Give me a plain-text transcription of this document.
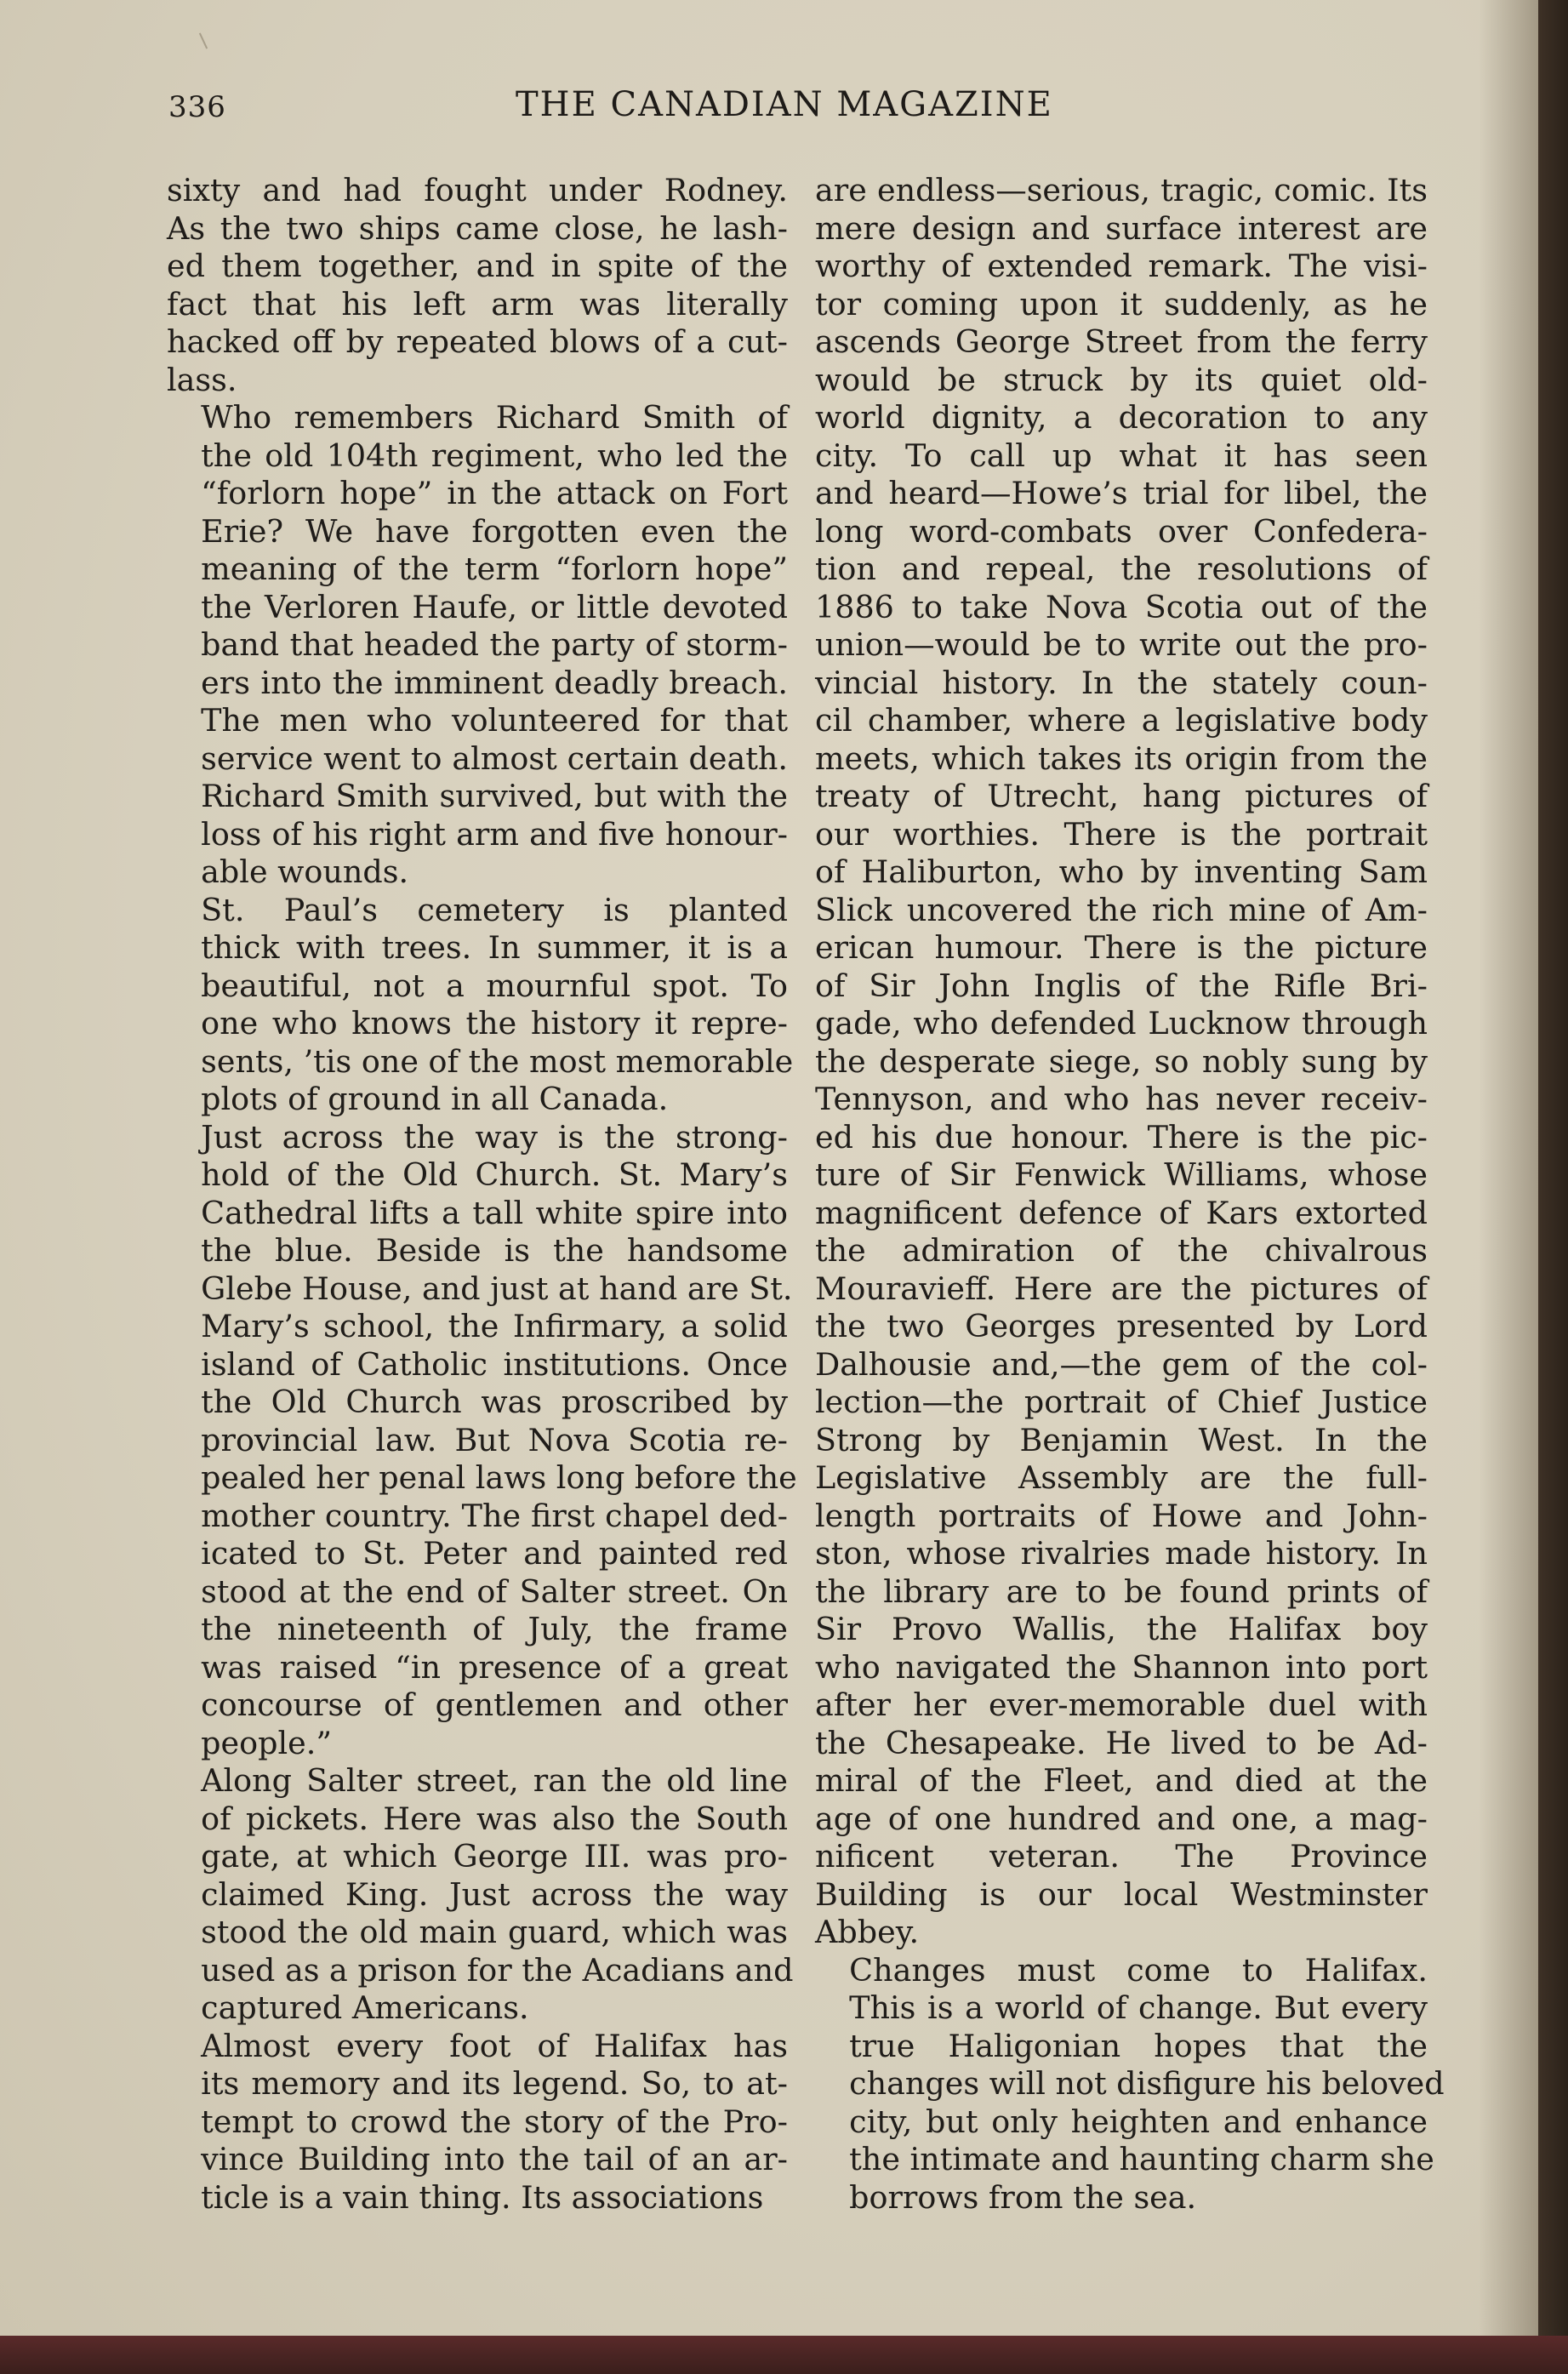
336	THE CANADIAN MAGAZINE
sixty and had fought under Rodney.
As the two ships came close, he lash-
ed them together, and in spite of the
fact that his left arm was literally
hacked off by repeated blows of a cut-
lass.
Who remembers Richard Smith of
the old 104th regiment, who led the
“forlorn hope” in the attack on Fort
Erie? We have forgotten even the
meaning of the term “forlorn hope”
the Verloren Haufe, or little devoted
band that headed the party of storm-
ers into the imminent deadly breach.
The men who volunteered for that
service went to almost certain death.
Richard Smith survived, but with the
loss of his right arm and five honour-
able wounds.
St. Paul’s cemetery is planted
thick with trees. In summer, it is a
beautiful, not a mournful spot. To
one who knows the history it repre-
sents, ’tis one of the most memorable
plots of ground in all Canada.
Just across the way is the strong-
hold of the Old Church. St. Mary’s
Cathedral lifts a tall white spire into
the blue. Beside is the handsome
Glebe House, and just at hand are St.
Mary’s school, the Infirmary, a solid
island of Catholic institutions. Once
the Old Church was proscribed by
provincial law. But Nova Scotia re-
pealed her penal laws long before the
mother country. The first chapel ded-
icated to St. Peter and painted red
stood at the end of Salter street. On
the nineteenth of July, the frame
was raised “in presence of a great
concourse of gentlemen and other
people.”
Along Salter street, ran the old line
of pickets. Here was also the South
gate, at which George III. was pro-
claimed King. Just across the way
stood the old main guard, which was
used as a prison for the Acadians and
captured Americans.
Almost every foot of Halifax has
its memory and its legend. So, to at-
tempt to crowd the story of the Pro-
vince Building into the tail of an ar-
ticle is a vain thing. Its associations
are endless—serious, tragic, comic. Its
mere design and surface interest are
worthy of extended remark. The visi-
tor coming upon it suddenly, as he
ascends George Street from the ferry
would be struck by its quiet old-
world dignity, a decoration to any
city. To call up what it has seen
and heard—Howe’s trial for libel, the
long word-combats over Confedera-
tion and repeal, the resolutions of
1886 to take Nova Scotia out of the
union—would be to write out the pro-
vincial history. In the stately coun-
cil chamber, where a legislative body
meets, which takes its origin from the
treaty of Utrecht, hang pictures of
our worthies. There is the portrait
of Haliburton, who by inventing Sam
Slick uncovered the rich mine of Am-
erican humour. There is the picture
of Sir John Inglis of the Rifle Bri-
gade, who defended Lucknow through
the desperate siege, so nobly sung by
Tennyson, and who has never receiv-
ed his due honour. There is the pic-
ture of Sir Fenwick Williams, whose
magnificent defence of Kars extorted
the admiration of the chivalrous
Mouravieff. Here are the pictures of
the two Georges presented by Lord
Dalhousie and,—the gem of the col-
lection—the portrait of Chief Justice
Strong by Benjamin West. In the
Legislative Assembly are the full-
length portraits of Howe and John-
ston, whose rivalries made history. In
the library are to be found prints of
Sir Provo Wallis, the Halifax boy
who navigated the Shannon into port
after her ever-memorable duel with
the Chesapeake. He lived to be Ad-
miral of the Fleet, and died at the
age of one hundred and one, a mag-
nificent veteran. The Province
Building is our local Westminster
Abbey.
Changes must come to Halifax.
This is a world of change. But every
true Haligonian hopes that the
changes will not disfigure his beloved
city, but only heighten and enhance
the intimate and haunting charm she
borrows from the sea.
